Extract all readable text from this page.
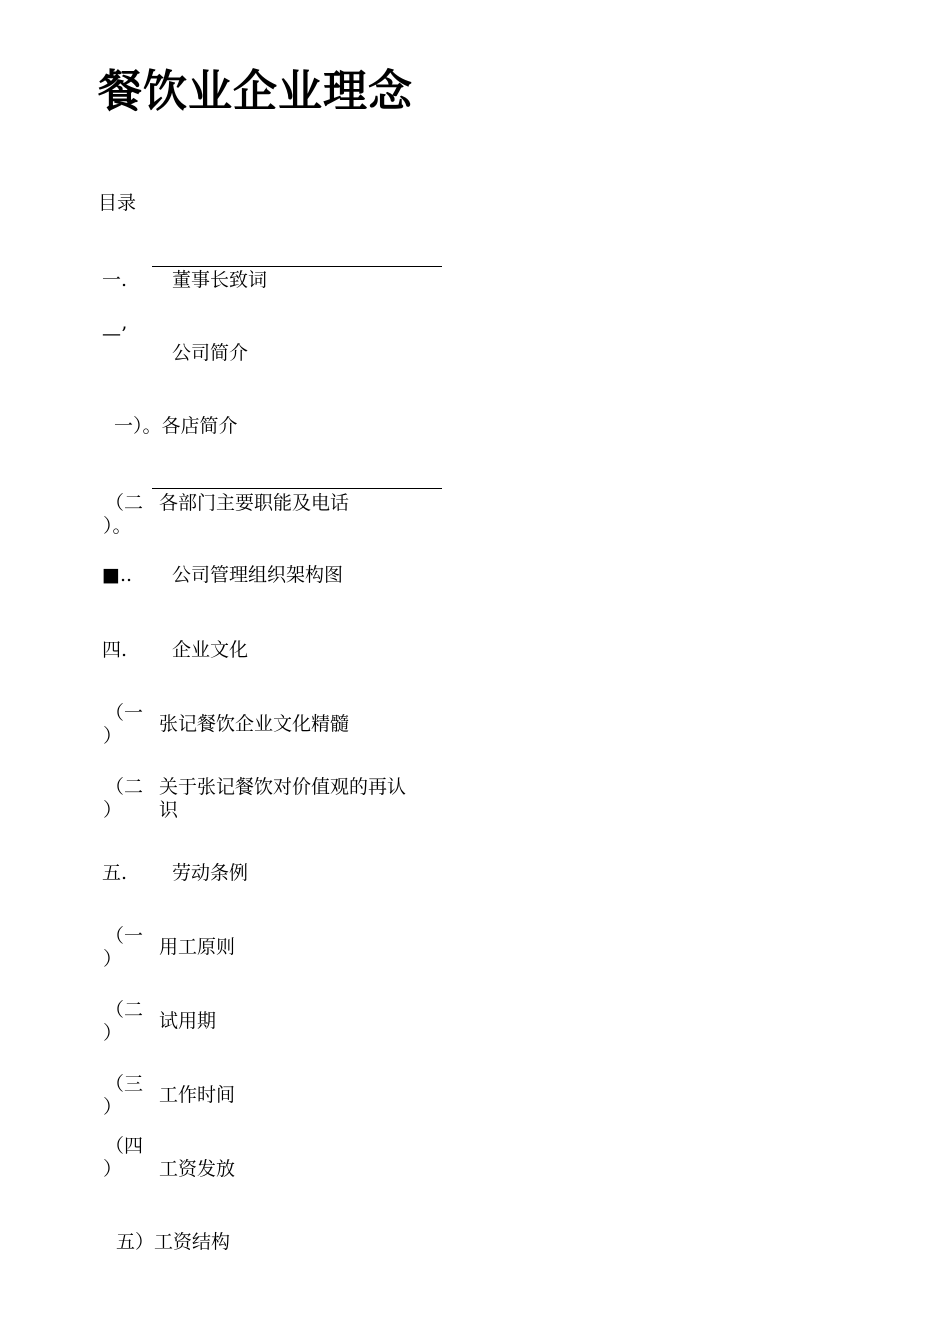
餐饮业企业理念
目录
一. 董事长致词
—’
公司简介
一）。各店简介
（二
）。
各部门主要职能及电话
■.. 公司管理组织架构图
四. 企业文化
（一
）
张记餐饮企业文化精髓
（二
）
关于张记餐饮对价值观的再认
识
五. 劳动条例
（一
）
用工原则
（二
）
试用期
（三
）
工作时间
（四
） 工资发放
五）工资结构
